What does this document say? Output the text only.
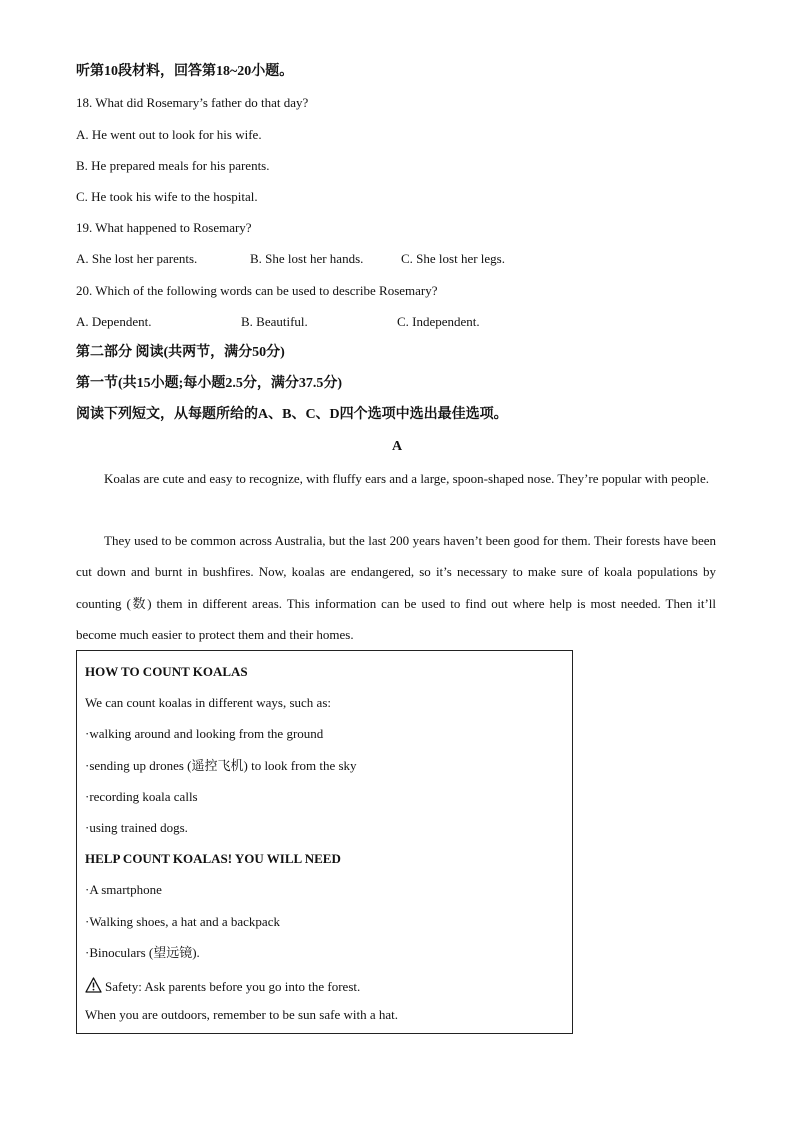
听第10段材料，回答第18~20小题。
18. What did Rosemary’s father do that day?
A. He went out to look for his wife.
B. He prepared meals for his parents.
C. He took his wife to the hospital.
19. What happened to Rosemary?
A. She lost her parents.	B. She lost her hands.	C. She lost her legs.
20. Which of the following words can be used to describe Rosemary?
A. Dependent.	B. Beautiful.	C. Independent.
第二部分 阅读(共两节，满分50分)
第一节(共15小题;每小题2.5分，满分37.5分)
阅读下列短文，从每题所给的A、B、C、D四个选项中选出最佳选项。
A
Koalas are cute and easy to recognize, with fluffy ears and a large, spoon-shaped nose. They’re popular with people.
They used to be common across Australia, but the last 200 years haven’t been good for them. Their forests have been cut down and burnt in bushfires. Now, koalas are endangered, so it’s necessary to make sure of koala populations by counting (数) them in different areas. This information can be used to find out where help is most needed. Then it’ll become much easier to protect them and their homes.
HOW TO COUNT KOALAS
We can count koalas in different ways, such as:
·walking around and looking from the ground
·sending up drones (遥控飞机) to look from the sky
·recording koala calls
·using trained dogs.
HELP COUNT KOALAS! YOU WILL NEED
·A smartphone
·Walking shoes, a hat and a backpack
·Binoculars (望远镜).
Safety: Ask parents before you go into the forest.
When you are outdoors, remember to be sun safe with a hat.
